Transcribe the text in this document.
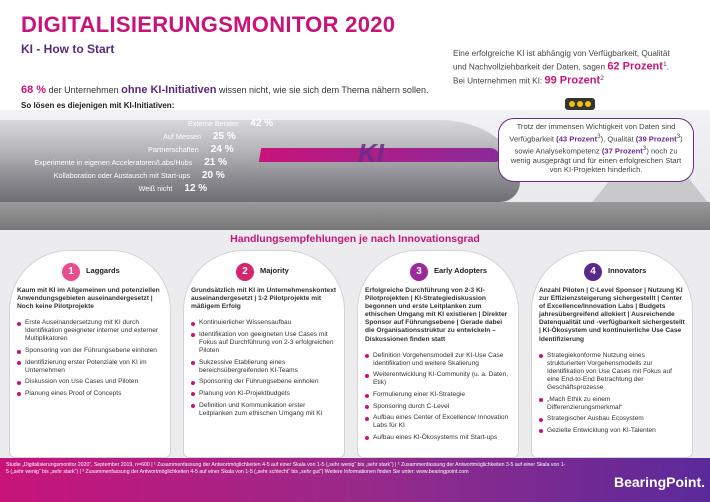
DIGITALISIERUNGSMONITOR 2020
KI - How to Start	Eine erfolgreiche KI ist abhängig von Verfügbarkeit, Qualität
und Nachvollziehbarkeit der Daten, sagen 62 Prozent$^1$.
Bei Unternehmen mit KI: 99 Prozent$^2$
68 % der Unternehmen ohne KI-Initiativen wissen nicht, wie sie sich dem Thema nähern sollen.
So lösen es diejenigen mit KI-Initiativen:
KI
Externe Berater	42 %
Auf Messen	25 %
Partnerschaften	24 %
Experimente in eigenen Acceleratoren/Labs/Hubs	21 %
Kollaboration oder Austausch mit Start-ups	20 %
Weiß nicht	12 %
Trotz der immensen Wichtigkeit von Daten sind Verfügbarkeit (43 Prozent$^3$), Qualität (39 Prozent$^3$) sowie Analysekompetenz (37 Prozent$^3$) noch zu wenig ausgeprägt und für einen erfolgreichen Start von KI-Projekten hinderlich.
Handlungsempfehlungen je nach Innovationsgrad
1	Laggards
Kaum mit KI im Allgemeinen und potenziellen Anwendungsgebieten auseinandergesetzt | Noch keine Pilotprojekte
Erste Auseinandersetzung mit KI durch Identifikation geeigneter interner und externer Multiplikatoren
Sponsoring von der Führungsebene einholen
Identifizierung erster Potenziale von KI im Unternehmen
Diskussion von Use Cases und Piloten
Planung eines Proof of Concepts
2	Majority
Grundsätzlich mit KI im Unternehmenskontext auseinandergesetzt | 1-2 Pilotprojekte mit mäßigem Erfolg
Kontinuierlicher Wissensaufbau
Identifikation von geeigneten Use Cases mit Fokus auf Durchführung von 2-3 erfolgreichen Piloten
Sukzessive Etablierung eines bereichsübergreifenden KI-Teams
Sponsoring der Führungsebene einholen
Planung von KI-Projektbudgets
Definition und Kommunikation erster Leitplanken zum ethischen Umgang mit KI
3	Early Adopters
Erfolgreiche Durchführung von 2-3 KI-Pilotprojekten | KI-Strategiediskussion begonnen und erste Leitplanken zum ethischen Umgang mit KI existieren | Direkter Sponsor auf Führungsebene | Gerade dabei die Organisationsstruktur zu entwickeln – Diskussionen finden statt
Definition Vorgehensmodell zur KI-Use Case Identifikation und weitere Skalierung
Weiterentwicklung KI-Community (u. a. Daten, Etik)
Formulierung einer KI-Strategie
Sponsoring durch C-Level
Aufbau eines Center of Excellence/ Innovation Labs für KI
Aufbau eines KI-Ökosystems mit Start-ups
4	Innovators
Anzahl Piloten | C-Level Sponsor | Nutzung KI zur Effizienzsteigerung sichergestellt | Center of Excellence/Innovation Labs | Budgets jahresübergreifend allokiert | Ausreichende Datenqualität und -verfügbarkeit sichergestellt | KI-Ökosystem und kontinuierliche Use Case Identifizierung
Strategiekonforme Nutzung eines strukturierten Vorgehensmodells zur Identifikation von Use Cases mit Fokus auf eine End-to-End Betrachtung der Geschäftsprozesse
„Mach Ethik zu einem Differenzierungsmerkmal“
Strategischer Ausbau Ecosystem
Gezielte Entwicklung von KI-Talenten
Studie „Digitalisierungsmonitor 2020“, September 2019, n=600 | ¹ Zusammenfassung der Antwortmöglichkeiten 4-5 auf einer Skala von 1-5 („sehr wenig“ bis „sehr stark“) | ² Zusammenfassung der Antwortmöglichkeiten 3-5 auf einer Skala von 1-5 („sehr wenig“ bis „sehr stark“) | ³ Zusammenfassung der Antwortmöglichkeiten 4-5 auf einer Skala von 1-5 („sehr schlecht“ bis „sehr gut“) Weitere Informationen finden Sie unter: www.bearingpoint.com
BearingPoint.
